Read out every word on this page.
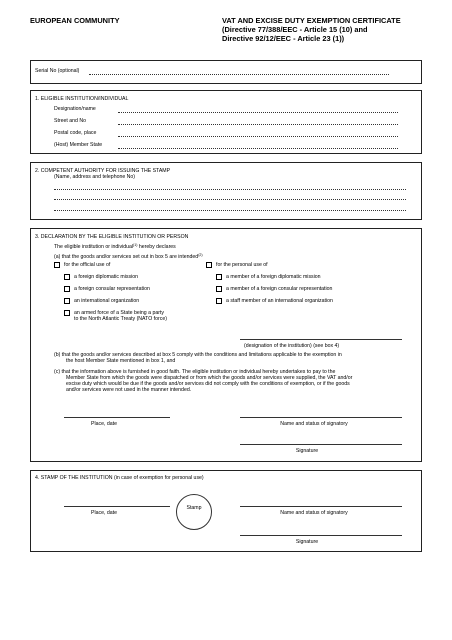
EUROPEAN COMMUNITY	VAT AND EXCISE DUTY EXEMPTION CERTIFICATE
(Directive 77/388/EEC - Article 15 (10) and
Directive 92/12/EEC - Article 23 (1))
Serial No (optional)
1. ELIGIBLE INSTITUTION/INDIVIDUAL
Designation/name
Street and No
Postal code, place
(Host) Member State
2. COMPETENT AUTHORITY FOR ISSUING THE STAMP
(Name, address and telephone No)
3. DECLARATION BY THE ELIGIBLE INSTITUTION OR PERSON
The eligible institution or individual$^{(1)}$ hereby declares
(a) that the goods and/or services set out in box 5 are intended$^{(2)}$
for the official use of	for the personal use of
a foreign diplomatic mission	a member of a foreign diplomatic mission
a foreign consular representation	a member of a foreign consular representation
an international organization	a staff member of an international organization
an armed force of a State being a party
to the North Atlantic Treaty (NATO force)
(designation of the institution) (see box 4)
(b) that the goods and/or services described at box 5 comply with the conditions and limitations applicable to the exemption in
the host Member State mentioned in box 1, and
(c) that the information above is furnished in good faith. The eligible institution or individual hereby undertakes to pay to the
Member State from which the goods were dispatched or from which the goods and/or services were supplied, the VAT and/or
excise duty which would be due if the goods and/or services did not comply with the conditions of exemption, or if the goods
and/or services were not used in the manner intended.
Place, date	Name and status of signatory
Signature
4. STAMP OF THE INSTITUTION (in case of exemption for personal use)
Place, date
Stamp
Name and status of signatory
Signature
